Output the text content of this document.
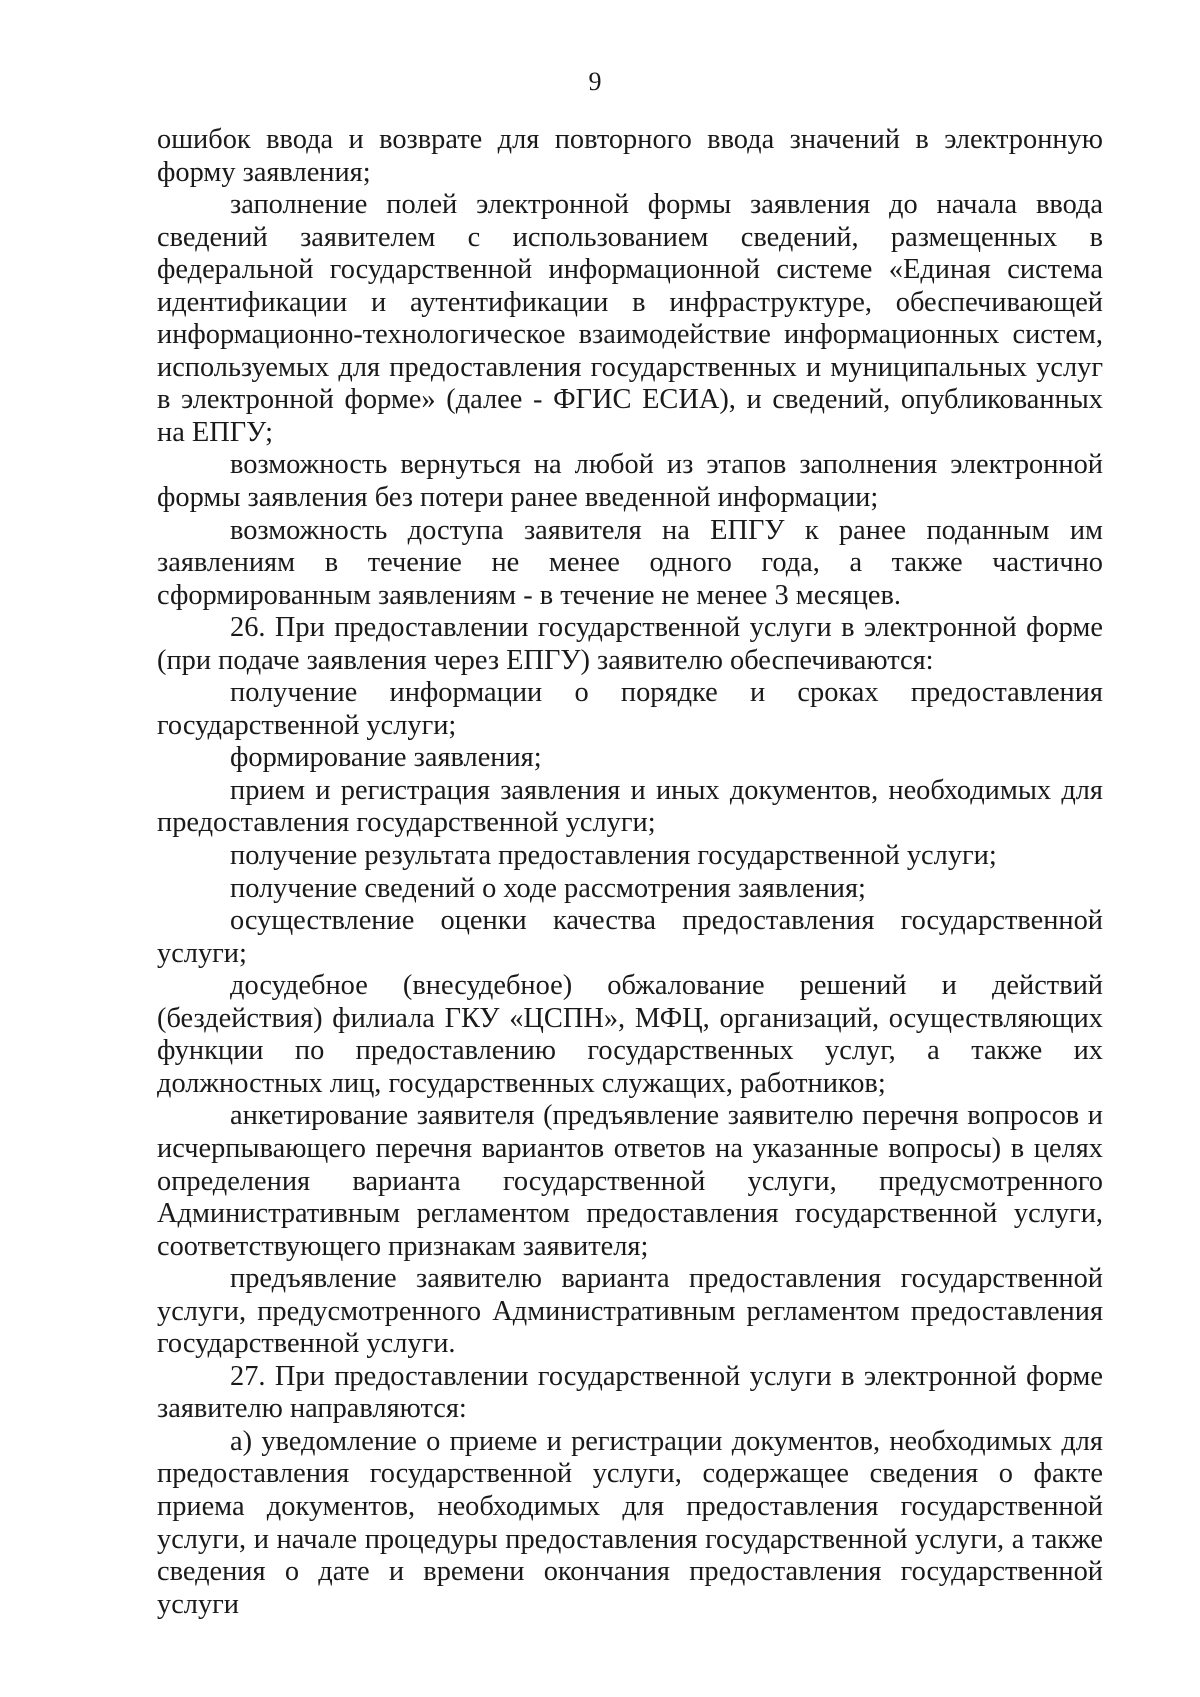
9

ошибок ввода и возврате для повторного ввода значений в электронную форму заявления;

заполнение полей электронной формы заявления до начала ввода сведений заявителем с использованием сведений, размещенных в федеральной государственной информационной системе «Единая система идентификации и аутентификации в инфраструктуре, обеспечивающей информационно-технологическое взаимодействие информационных систем, используемых для предоставления государственных и муниципальных услуг в электронной форме» (далее - ФГИС ЕСИА), и сведений, опубликованных на ЕПГУ;

возможность вернуться на любой из этапов заполнения электронной формы заявления без потери ранее введенной информации;

возможность доступа заявителя на ЕПГУ к ранее поданным им заявлениям в течение не менее одного года, а также частично сформированным заявлениям - в течение не менее 3 месяцев.

26. При предоставлении государственной услуги в электронной форме (при подаче заявления через ЕПГУ) заявителю обеспечиваются:

получение информации о порядке и сроках предоставления государственной услуги;

формирование заявления;

прием и регистрация заявления и иных документов, необходимых для предоставления государственной услуги;

получение результата предоставления государственной услуги;

получение сведений о ходе рассмотрения заявления;

осуществление оценки качества предоставления государственной услуги;

досудебное (внесудебное) обжалование решений и действий (бездействия) филиала ГКУ «ЦСПН», МФЦ, организаций, осуществляющих функции по предоставлению государственных услуг, а также их должностных лиц, государственных служащих, работников;

анкетирование заявителя (предъявление заявителю перечня вопросов и исчерпывающего перечня вариантов ответов на указанные вопросы) в целях определения варианта государственной услуги, предусмотренного Административным регламентом предоставления государственной услуги, соответствующего признакам заявителя;

предъявление заявителю варианта предоставления государственной услуги, предусмотренного Административным регламентом предоставления государственной услуги.

27. При предоставлении государственной услуги в электронной форме заявителю направляются:

а) уведомление о приеме и регистрации документов, необходимых для предоставления государственной услуги, содержащее сведения о факте приема документов, необходимых для предоставления государственной услуги, и начале процедуры предоставления государственной услуги, а также сведения о дате и времени окончания предоставления государственной услуги
